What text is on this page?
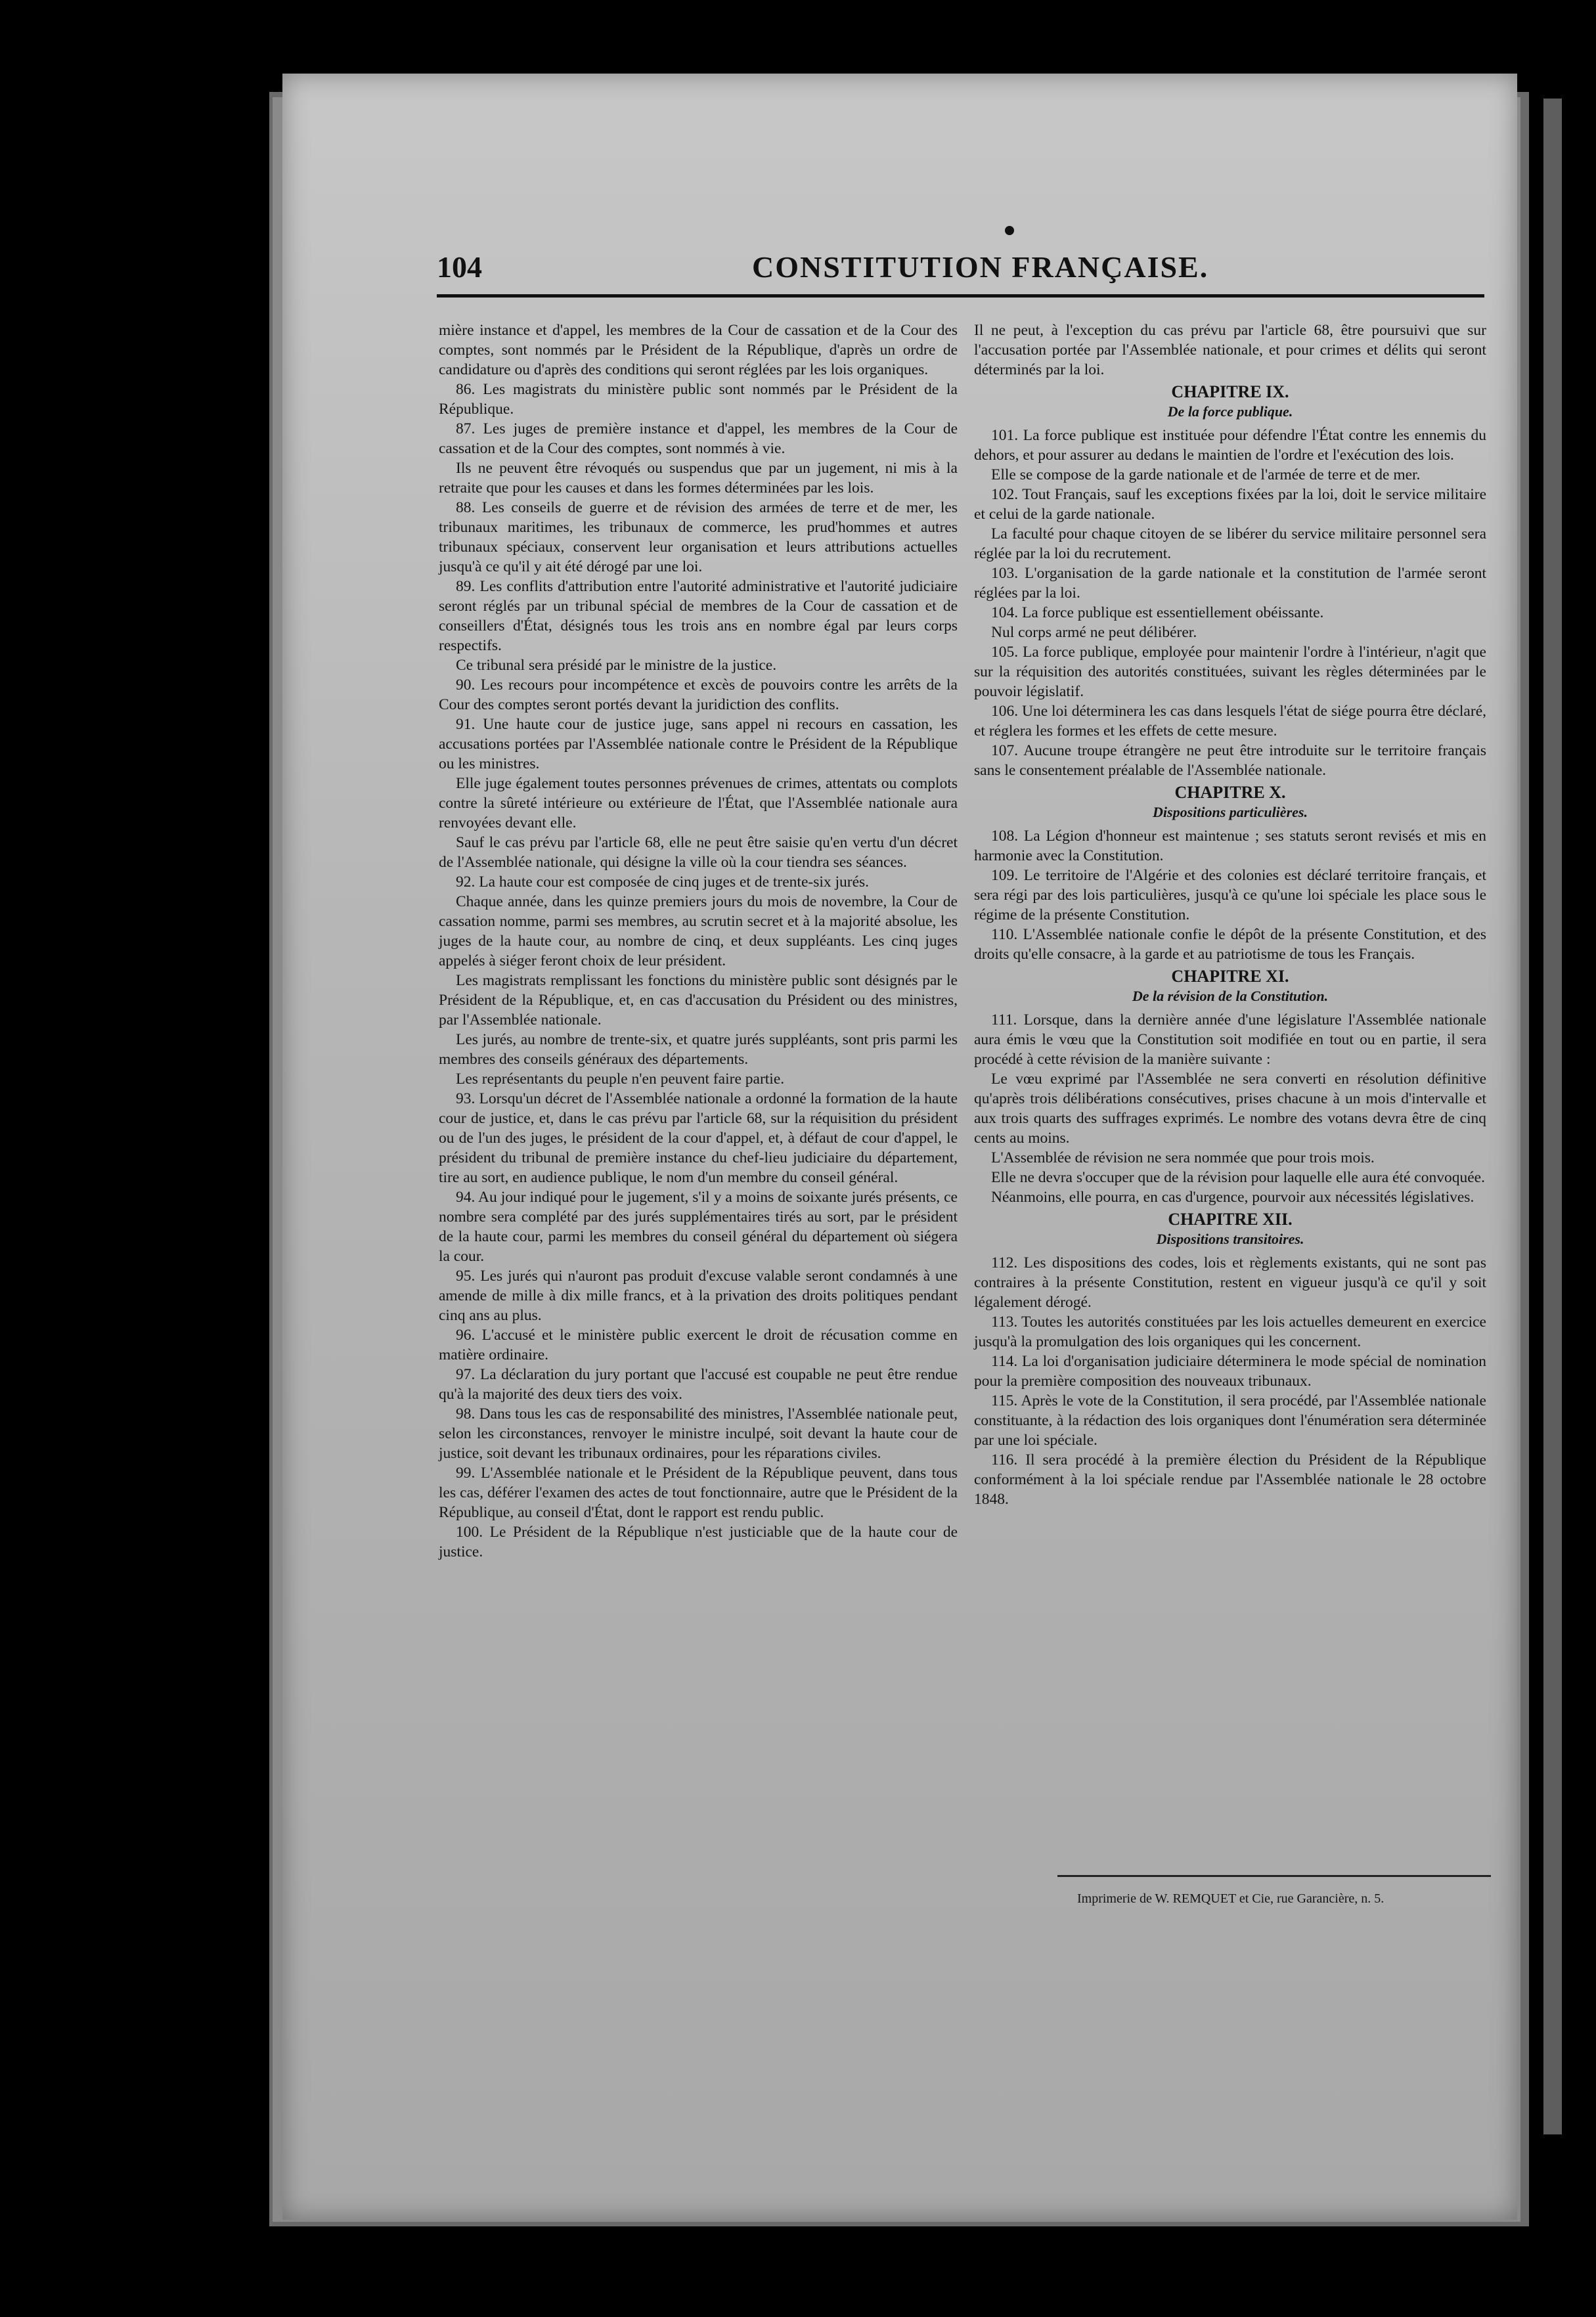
104	CONSTITUTION FRANÇAISE.

mière instance et d'appel, les membres de la Cour de cassation et de la Cour des comptes, sont nommés par le Président de la République, d'après un ordre de candidature ou d'après des conditions qui seront réglées par les lois organiques.

86. Les magistrats du ministère public sont nommés par le Président de la République.

87. Les juges de première instance et d'appel, les membres de la Cour de cassation et de la Cour des comptes, sont nommés à vie.

Ils ne peuvent être révoqués ou suspendus que par un jugement, ni mis à la retraite que pour les causes et dans les formes déterminées par les lois.

88. Les conseils de guerre et de révision des armées de terre et de mer, les tribunaux maritimes, les tribunaux de commerce, les prud'hommes et autres tribunaux spéciaux, conservent leur organisation et leurs attributions actuelles jusqu'à ce qu'il y ait été dérogé par une loi.

89. Les conflits d'attribution entre l'autorité administrative et l'autorité judiciaire seront réglés par un tribunal spécial de membres de la Cour de cassation et de conseillers d'État, désignés tous les trois ans en nombre égal par leurs corps respectifs.

Ce tribunal sera présidé par le ministre de la justice.

90. Les recours pour incompétence et excès de pouvoirs contre les arrêts de la Cour des comptes seront portés devant la juridiction des conflits.

91. Une haute cour de justice juge, sans appel ni recours en cassation, les accusations portées par l'Assemblée nationale contre le Président de la République ou les ministres.

Elle juge également toutes personnes prévenues de crimes, attentats ou complots contre la sûreté intérieure ou extérieure de l'État, que l'Assemblée nationale aura renvoyées devant elle.

Sauf le cas prévu par l'article 68, elle ne peut être saisie qu'en vertu d'un décret de l'Assemblée nationale, qui désigne la ville où la cour tiendra ses séances.

92. La haute cour est composée de cinq juges et de trente-six jurés.

Chaque année, dans les quinze premiers jours du mois de novembre, la Cour de cassation nomme, parmi ses membres, au scrutin secret et à la majorité absolue, les juges de la haute cour, au nombre de cinq, et deux suppléants. Les cinq juges appelés à siéger feront choix de leur président.

Les magistrats remplissant les fonctions du ministère public sont désignés par le Président de la République, et, en cas d'accusation du Président ou des ministres, par l'Assemblée nationale.

Les jurés, au nombre de trente-six, et quatre jurés suppléants, sont pris parmi les membres des conseils généraux des départements.

Les représentants du peuple n'en peuvent faire partie.

93. Lorsqu'un décret de l'Assemblée nationale a ordonné la formation de la haute cour de justice, et, dans le cas prévu par l'article 68, sur la réquisition du président ou de l'un des juges, le président de la cour d'appel, et, à défaut de cour d'appel, le président du tribunal de première instance du chef-lieu judiciaire du département, tire au sort, en audience publique, le nom d'un membre du conseil général.

94. Au jour indiqué pour le jugement, s'il y a moins de soixante jurés présents, ce nombre sera complété par des jurés supplémentaires tirés au sort, par le président de la haute cour, parmi les membres du conseil général du département où siégera la cour.

95. Les jurés qui n'auront pas produit d'excuse valable seront condamnés à une amende de mille à dix mille francs, et à la privation des droits politiques pendant cinq ans au plus.

96. L'accusé et le ministère public exercent le droit de récusation comme en matière ordinaire.

97. La déclaration du jury portant que l'accusé est coupable ne peut être rendue qu'à la majorité des deux tiers des voix.

98. Dans tous les cas de responsabilité des ministres, l'Assemblée nationale peut, selon les circonstances, renvoyer le ministre inculpé, soit devant la haute cour de justice, soit devant les tribunaux ordinaires, pour les réparations civiles.

99. L'Assemblée nationale et le Président de la République peuvent, dans tous les cas, déférer l'examen des actes de tout fonctionnaire, autre que le Président de la République, au conseil d'État, dont le rapport est rendu public.

100. Le Président de la République n'est justiciable que de la haute cour de justice.

Il ne peut, à l'exception du cas prévu par l'article 68, être poursuivi que sur l'accusation portée par l'Assemblée nationale, et pour crimes et délits qui seront déterminés par la loi.

CHAPITRE IX.
De la force publique.

101. La force publique est instituée pour défendre l'État contre les ennemis du dehors, et pour assurer au dedans le maintien de l'ordre et l'exécution des lois.

Elle se compose de la garde nationale et de l'armée de terre et de mer.

102. Tout Français, sauf les exceptions fixées par la loi, doit le service militaire et celui de la garde nationale.

La faculté pour chaque citoyen de se libérer du service militaire personnel sera réglée par la loi du recrutement.

103. L'organisation de la garde nationale et la constitution de l'armée seront réglées par la loi.

104. La force publique est essentiellement obéissante.

Nul corps armé ne peut délibérer.

105. La force publique, employée pour maintenir l'ordre à l'intérieur, n'agit que sur la réquisition des autorités constituées, suivant les règles déterminées par le pouvoir législatif.

106. Une loi déterminera les cas dans lesquels l'état de siége pourra être déclaré, et réglera les formes et les effets de cette mesure.

107. Aucune troupe étrangère ne peut être introduite sur le territoire français sans le consentement préalable de l'Assemblée nationale.

CHAPITRE X.
Dispositions particulières.

108. La Légion d'honneur est maintenue ; ses statuts seront revisés et mis en harmonie avec la Constitution.

109. Le territoire de l'Algérie et des colonies est déclaré territoire français, et sera régi par des lois particulières, jusqu'à ce qu'une loi spéciale les place sous le régime de la présente Constitution.

110. L'Assemblée nationale confie le dépôt de la présente Constitution, et des droits qu'elle consacre, à la garde et au patriotisme de tous les Français.

CHAPITRE XI.
De la révision de la Constitution.

111. Lorsque, dans la dernière année d'une législature l'Assemblée nationale aura émis le vœu que la Constitution soit modifiée en tout ou en partie, il sera procédé à cette révision de la manière suivante :

Le vœu exprimé par l'Assemblée ne sera converti en résolution définitive qu'après trois délibérations consécutives, prises chacune à un mois d'intervalle et aux trois quarts des suffrages exprimés. Le nombre des votans devra être de cinq cents au moins.

L'Assemblée de révision ne sera nommée que pour trois mois.

Elle ne devra s'occuper que de la révision pour laquelle elle aura été convoquée.

Néanmoins, elle pourra, en cas d'urgence, pourvoir aux nécessités législatives.

CHAPITRE XII.
Dispositions transitoires.

112. Les dispositions des codes, lois et règlements existants, qui ne sont pas contraires à la présente Constitution, restent en vigueur jusqu'à ce qu'il y soit légalement dérogé.

113. Toutes les autorités constituées par les lois actuelles demeurent en exercice jusqu'à la promulgation des lois organiques qui les concernent.

114. La loi d'organisation judiciaire déterminera le mode spécial de nomination pour la première composition des nouveaux tribunaux.

115. Après le vote de la Constitution, il sera procédé, par l'Assemblée nationale constituante, à la rédaction des lois organiques dont l'énumération sera déterminée par une loi spéciale.

116. Il sera procédé à la première élection du Président de la République conformément à la loi spéciale rendue par l'Assemblée nationale le 28 octobre 1848.

Imprimerie de W. REMQUET et Cie, rue Garancière, n. 5.
